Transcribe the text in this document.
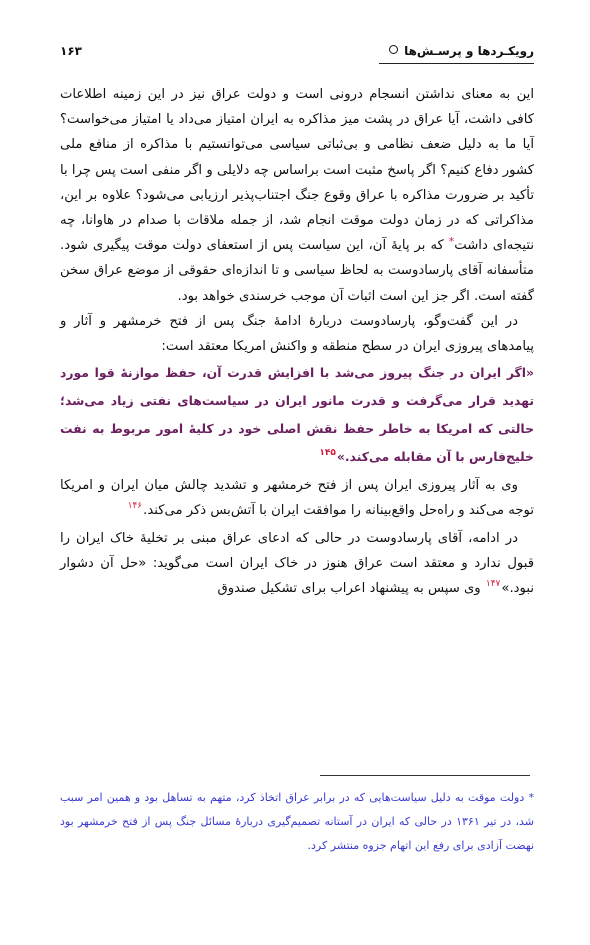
رویکـردها و پرسـش‌ها
۱۶۳

این به معنای نداشتن انسجام درونی است و دولت عراق نیز در این زمینه اطلاعات کافی داشت، آیا عراق در پشت میز مذاکره به ایران امتیاز می‌داد یا امتیاز می‌خواست؟ آیا ما به دلیل ضعف نظامی و بی‌ثباتی سیاسی می‌توانستیم با مذاکره از منافع ملی کشور دفاع کنیم؟ اگر پاسخ مثبت است براساس چه دلایلی و اگر منفی است پس چرا با تأکید بر ضرورت مذاکره با عراق وقوع جنگ اجتناب‌پذیر ارزیابی می‌شود؟ علاوه بر این، مذاکراتی که در زمان دولت موقت انجام شد، از جمله ملاقات با صدام در هاوانا، چه نتیجه‌ای داشت* که بر پایهٔ آن، این سیاست پس از استعفای دولت موقت پیگیری شود. متأسفانه آقای پارسادوست به لحاظ سیاسی و تا اندازه‌ای حقوقی از موضع عراق سخن گفته است. اگر جز این است اثبات آن موجب خرسندی خواهد بود.

در این گفت‌وگو، پارسادوست دربارهٔ ادامهٔ جنگ پس از فتح خرمشهر و آثار و پیامدهای پیروزی ایران در سطح منطقه و واکنش امریکا معتقد است:

«اگر ایران در جنگ پیروز می‌شد با افزایش قدرت آن، حفظ موازنهٔ قوا مورد تهدید قرار می‌گرفت و قدرت مانور ایران در سیاست‌های نفتی زیاد می‌شد؛ حالتی که امریکا به خاطر حفظ نقش اصلی خود در کلیهٔ امور مربوط به نفت خلیج‌فارس با آن مقابله می‌کند.»$^{۱۴۵}$

وی به آثار پیروزی ایران پس از فتح خرمشهر و تشدید چالش میان ایران و امریکا توجه می‌کند و راه‌حل واقع‌بینانه را موافقت ایران با آتش‌بس ذکر می‌کند.$^{۱۴۶}$

در ادامه، آقای پارسادوست در حالی که ادعای عراق مبنی بر تخلیهٔ خاک ایران را قبول ندارد و معتقد است عراق هنوز در خاک ایران است می‌گوید: «حل آن دشوار نبود.»$^{۱۴۷}$ وی سپس به پیشنهاد اعراب برای تشکیل صندوق

* دولت موقت به دلیل سیاست‌هایی که در برابر عراق اتخاذ کرد، متهم به تساهل بود و همین امر سبب شد، در تیر ۱۳۶۱ در حالی که ایران در آستانه تصمیم‌گیری دربارهٔ مسائل جنگ پس از فتح خرمشهر بود نهضت آزادی برای رفع این اتهام جزوه منتشر کرد.
